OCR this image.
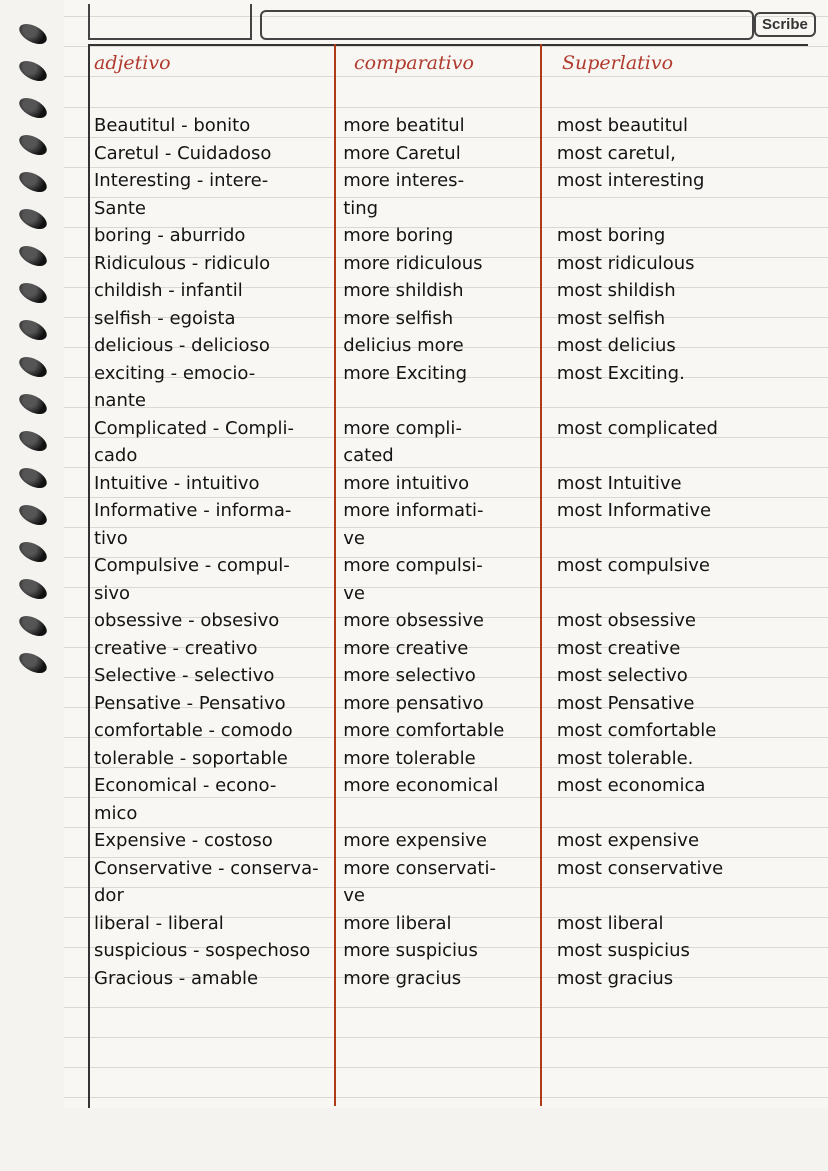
Scribe
adjetivo	comparativo	Superlativo
Beautitul - bonito	more beatitul	most beautitul
Caretul - Cuidadoso	more Caretul	most caretul,
Interesting - intere-	more interes-	most interesting
Sante	ting
boring - aburrido	more boring	most boring
Ridiculous - ridiculo	more ridiculous	most ridiculous
childish - infantil	more shildish	most shildish
selfish - egoista	more selfish	most selfish
delicious - delicioso	delicius more	most delicius
exciting - emocio-	more Exciting	most Exciting.
nante
Complicated - Compli-	more compli-	most complicated
cado	cated
Intuitive - intuitivo	more intuitivo	most Intuitive
Informative - informa-	more informati-	most Informative
tivo	ve
Compulsive - compul-	more compulsi-	most compulsive
sivo	ve
obsessive - obsesivo	more obsessive	most obsessive
creative - creativo	more creative	most creative
Selective - selectivo	more selectivo	most selectivo
Pensative - Pensativo	more pensativo	most Pensative
comfortable - comodo	more comfortable	most comfortable
tolerable - soportable	more tolerable	most tolerable.
Economical - econo-	more economical	most economica
mico
Expensive - costoso	more expensive	most expensive
Conservative - conserva-	more conservati-	most conservative
dor	ve
liberal - liberal	more liberal	most liberal
suspicious - sospechoso	more suspicius	most suspicius
Gracious - amable	more gracius	most gracius
